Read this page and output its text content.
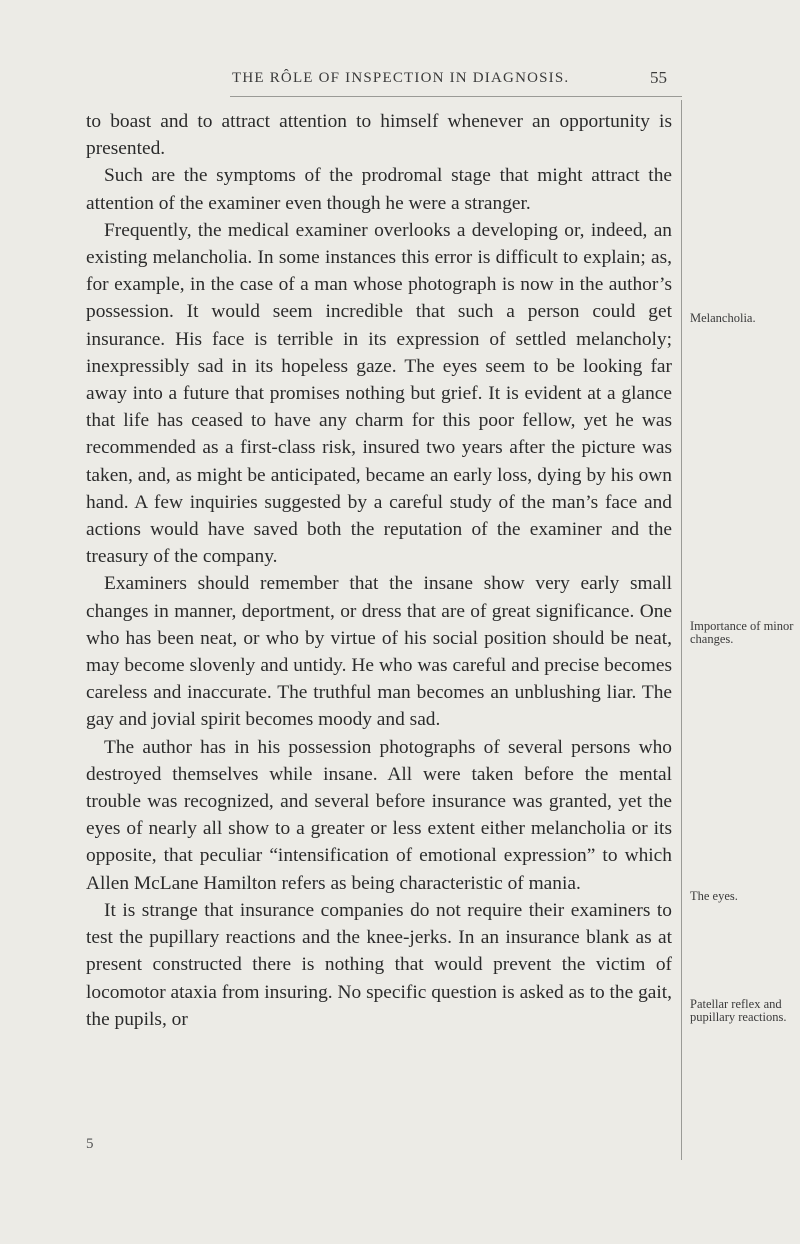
THE RÔLE OF INSPECTION IN DIAGNOSIS.	55

to boast and to attract attention to himself whenever an opportunity is presented.

Such are the symptoms of the prodromal stage that might attract the attention of the examiner even though he were a stranger.

Frequently, the medical examiner overlooks a developing or, indeed, an existing melancholia. In some instances this error is difficult to explain; as, for example, in the case of a man whose photograph is now in the author’s possession. It would seem incredible that such a person could get insurance. His face is terrible in its expression of settled melancholy; inexpressibly sad in its hopeless gaze. The eyes seem to be looking far away into a future that promises nothing but grief. It is evident at a glance that life has ceased to have any charm for this poor fellow, yet he was recommended as a first-class risk, insured two years after the picture was taken, and, as might be anticipated, became an early loss, dying by his own hand. A few inquiries suggested by a careful study of the man’s face and actions would have saved both the reputation of the examiner and the treasury of the company.

Examiners should remember that the insane show very early small changes in manner, deportment, or dress that are of great significance. One who has been neat, or who by virtue of his social position should be neat, may become slovenly and untidy. He who was careful and precise becomes careless and inaccurate. The truthful man becomes an unblushing liar. The gay and jovial spirit becomes moody and sad.

The author has in his possession photographs of several persons who destroyed themselves while insane. All were taken before the mental trouble was recognized, and several before insurance was granted, yet the eyes of nearly all show to a greater or less extent either melancholia or its opposite, that peculiar “intensification of emotional expression” to which Allen McLane Hamilton refers as being characteristic of mania.

It is strange that insurance companies do not require their examiners to test the pupillary reactions and the knee-jerks. In an insurance blank as at present constructed there is nothing that would prevent the victim of locomotor ataxia from insuring. No specific question is asked as to the gait, the pupils, or

5
Melancholia.
Importance of minor changes.
The eyes.
Patellar reflex and pupillary reactions.
